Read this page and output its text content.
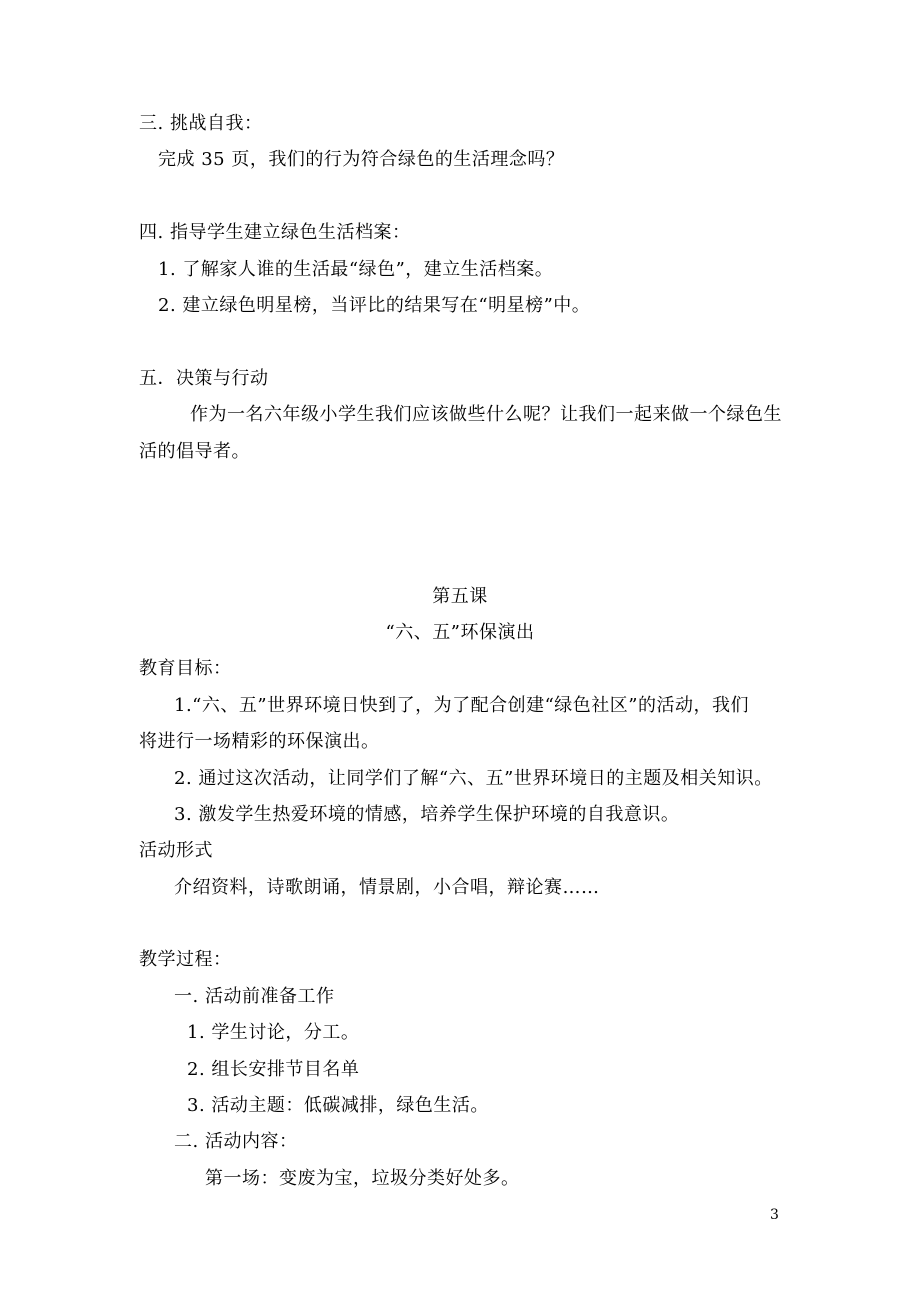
三. 挑战自我：
完成 35 页，我们的行为符合绿色的生活理念吗？
四. 指导学生建立绿色生活档案：
1. 了解家人谁的生活最“绿色”，建立生活档案。
2. 建立绿色明星榜，当评比的结果写在“明星榜”中。
五．决策与行动
作为一名六年级小学生我们应该做些什么呢？让我们一起来做一个绿色生
活的倡导者。
第五课
“六、五”环保演出
教育目标：
1.“六、五”世界环境日快到了，为了配合创建“绿色社区”的活动，我们
将进行一场精彩的环保演出。
2. 通过这次活动，让同学们了解“六、五”世界环境日的主题及相关知识。
3. 激发学生热爱环境的情感，培养学生保护环境的自我意识。
活动形式
介绍资料，诗歌朗诵，情景剧，小合唱，辩论赛……
教学过程：
一. 活动前准备工作
1. 学生讨论，分工。
2. 组长安排节目名单
3. 活动主题：低碳减排，绿色生活。
二. 活动内容：
第一场：变废为宝，垃圾分类好处多。
3
